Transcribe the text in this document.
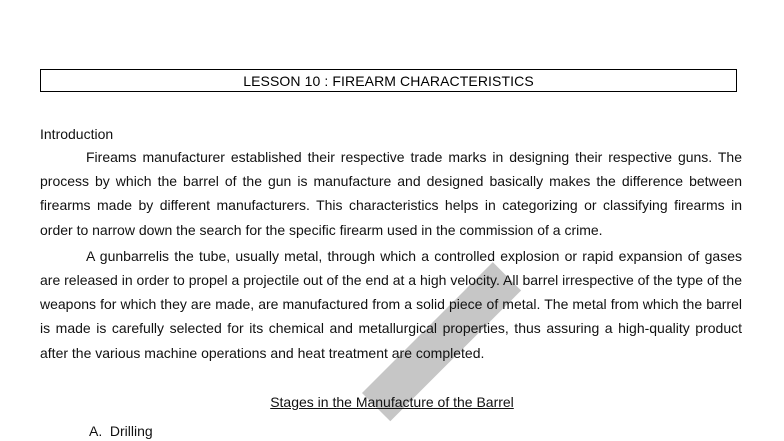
LESSON 10 : FIREARM CHARACTERISTICS

Introduction

Fireams manufacturer established their respective trade marks in designing their respective guns. The process by which the barrel of the gun is manufacture and designed basically makes the difference between firearms made by different manufacturers. This characteristics helps in categorizing or classifying firearms in order to narrow down the search for the specific firearm used in the commission of a crime.

A gunbarrelis the tube, usually metal, through which a controlled explosion or rapid expansion of gases are released in order to propel a projectile out of the end at a high velocity. All barrel irrespective of the type of the weapons for which they are made, are manufactured from a solid piece of metal. The metal from which the barrel is made is carefully selected for its chemical and metallurgical properties, thus assuring a high-quality product after the various machine operations and heat treatment are completed.

Stages in the Manufacture of the Barrel
A. Drilling
